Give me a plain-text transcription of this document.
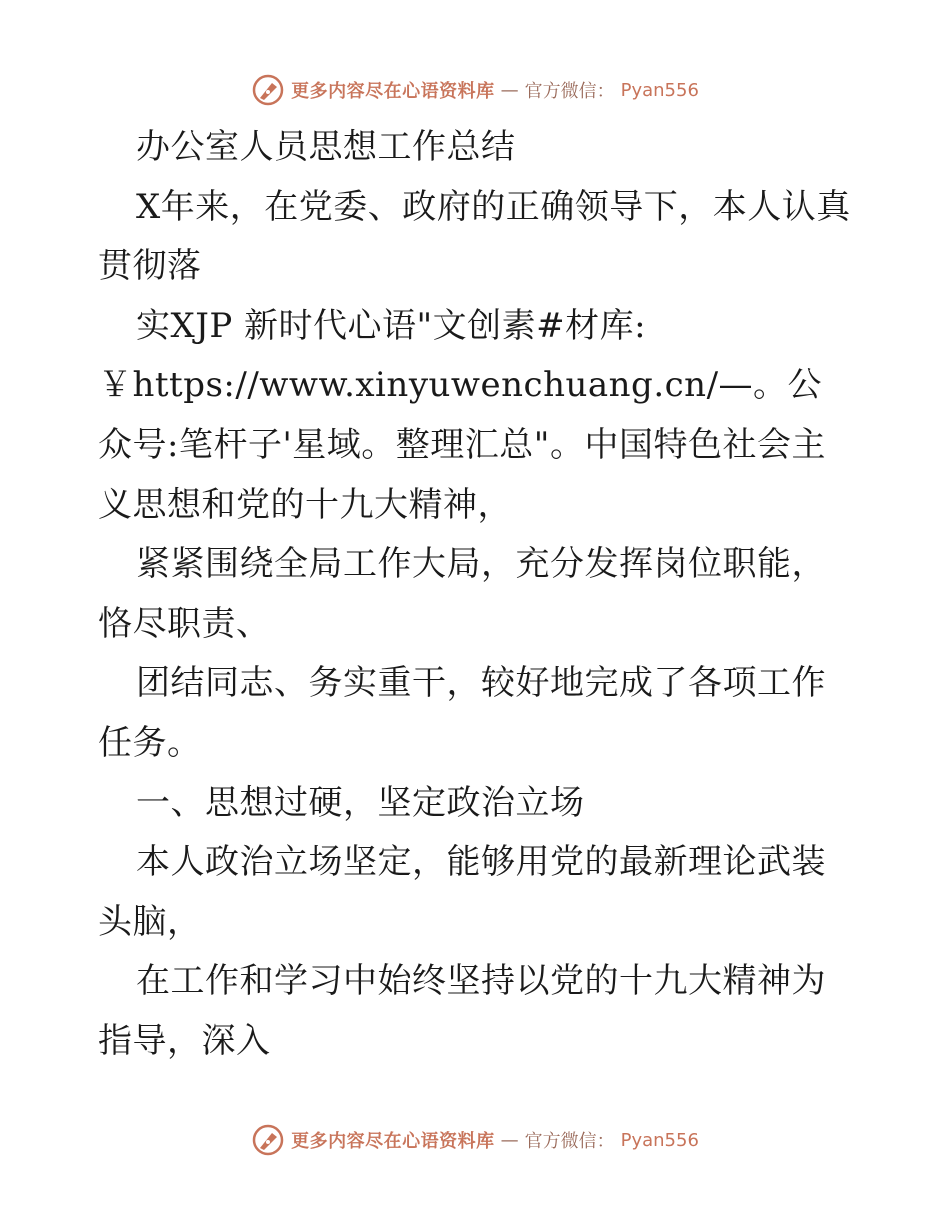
更多内容尽在心语资料库 — 官方微信： Pyan556

办公室人员思想工作总结

X年来，在党委、政府的正确领导下，本人认真贯彻落

实XJP 新时代心语"文创素#材库:

￥https://www.xinyuwenchuang.cn/—。公众号:笔杆子'星域。整理汇总"。中国特色社会主义思想和党的十九大精神，

紧紧围绕全局工作大局，充分发挥岗位职能，恪尽职责、

团结同志、务实重干，较好地完成了各项工作任务。

一、思想过硬，坚定政治立场

本人政治立场坚定，能够用党的最新理论武装头脑，

在工作和学习中始终坚持以党的十九大精神为指导，深入

更多内容尽在心语资料库 — 官方微信： Pyan556
